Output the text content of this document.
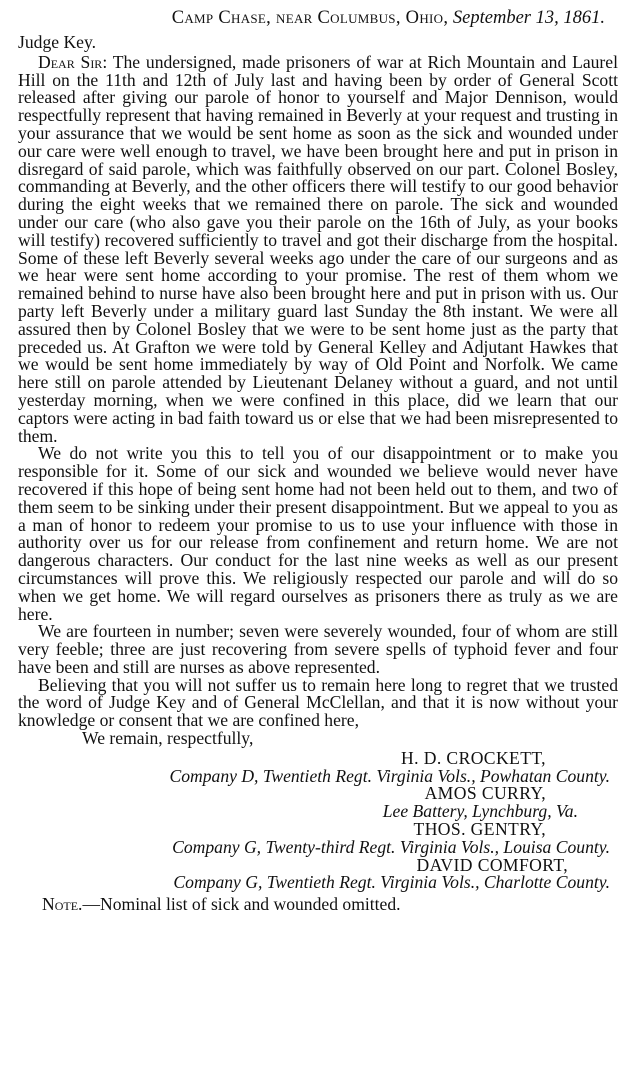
Camp Chase, near Columbus, Ohio, September 13, 1861.

Judge Key.

Dear Sir: The undersigned, made prisoners of war at Rich Mountain and Laurel Hill on the 11th and 12th of July last and having been by order of General Scott released after giving our parole of honor to yourself and Major Dennison, would respectfully represent that having remained in Beverly at your request and trusting in your assurance that we would be sent home as soon as the sick and wounded under our care were well enough to travel, we have been brought here and put in prison in disregard of said parole, which was faithfully observed on our part. Colonel Bosley, commanding at Beverly, and the other officers there will testify to our good behavior during the eight weeks that we remained there on parole. The sick and wounded under our care (who also gave you their parole on the 16th of July, as your books will testify) recovered sufficiently to travel and got their discharge from the hospital. Some of these left Beverly several weeks ago under the care of our surgeons and as we hear were sent home according to your promise. The rest of them whom we remained behind to nurse have also been brought here and put in prison with us. Our party left Beverly under a military guard last Sunday the 8th instant. We were all assured then by Colonel Bosley that we were to be sent home just as the party that preceded us. At Grafton we were told by General Kelley and Adjutant Hawkes that we would be sent home immediately by way of Old Point and Norfolk. We came here still on parole attended by Lieutenant Delaney without a guard, and not until yesterday morning, when we were confined in this place, did we learn that our captors were acting in bad faith toward us or else that we had been misrepresented to them.

We do not write you this to tell you of our disappointment or to make you responsible for it. Some of our sick and wounded we believe would never have recovered if this hope of being sent home had not been held out to them, and two of them seem to be sinking under their present disappointment. But we appeal to you as a man of honor to redeem your promise to us to use your influence with those in authority over us for our release from confinement and return home. We are not dangerous characters. Our conduct for the last nine weeks as well as our present circumstances will prove this. We religiously respected our parole and will do so when we get home. We will regard ourselves as prisoners there as truly as we are here.

We are fourteen in number; seven were severely wounded, four of whom are still very feeble; three are just recovering from severe spells of typhoid fever and four have been and still are nurses as above represented.

Believing that you will not suffer us to remain here long to regret that we trusted the word of Judge Key and of General McClellan, and that it is now without your knowledge or consent that we are confined here,

We remain, respectfully,

H. D. CROCKETT,

Company D, Twentieth Regt. Virginia Vols., Powhatan County.

AMOS CURRY,

Lee Battery, Lynchburg, Va.

THOS. GENTRY,

Company G, Twenty-third Regt. Virginia Vols., Louisa County.

DAVID COMFORT,

Company G, Twentieth Regt. Virginia Vols., Charlotte County.

Note.—Nominal list of sick and wounded omitted.
